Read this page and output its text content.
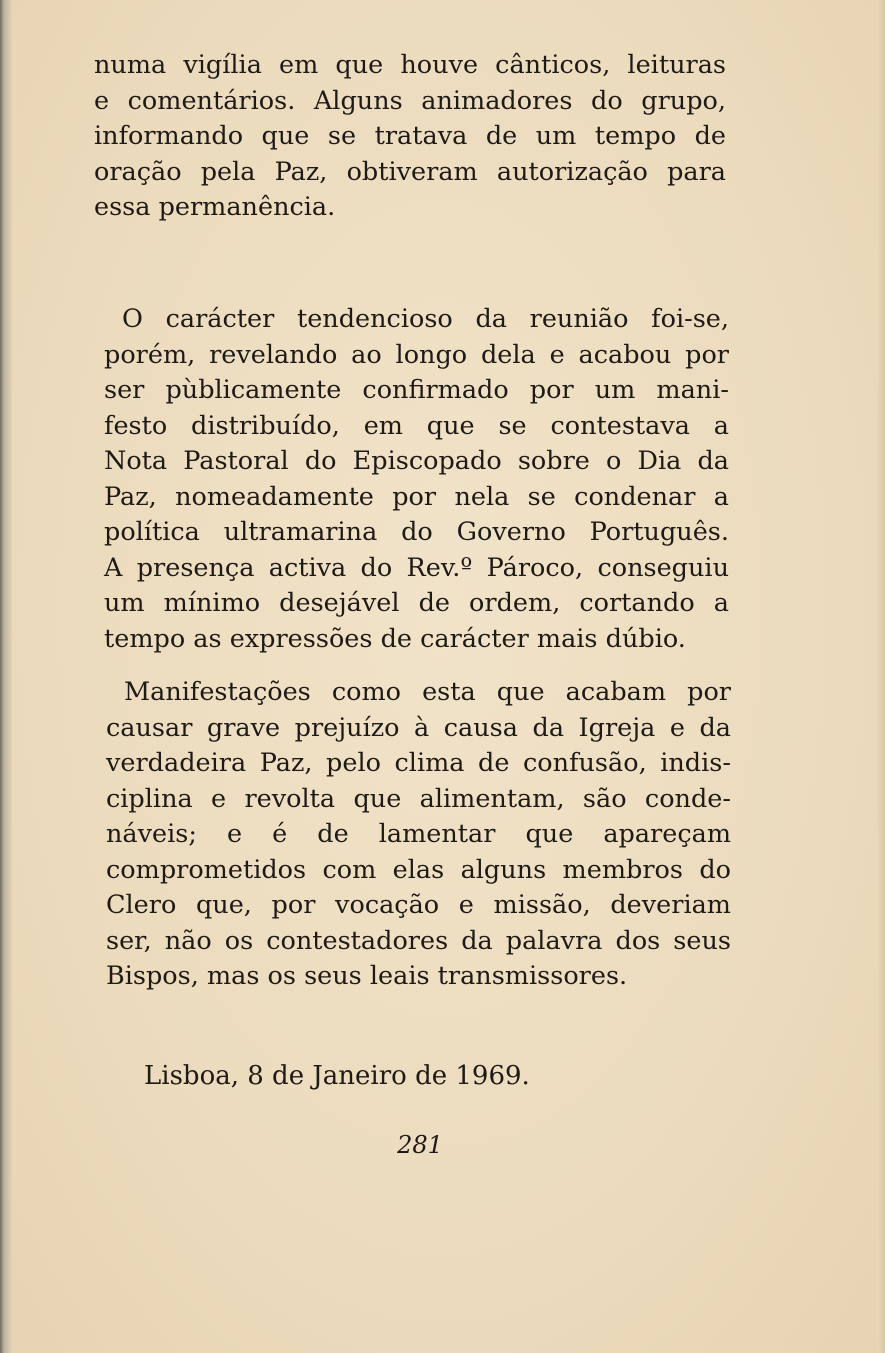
numa vigília em que houve cânticos, leituras
e comentários. Alguns animadores do grupo,
informando que se tratava de um tempo de
oração pela Paz, obtiveram autorização para
essa permanência.
O carácter tendencioso da reunião foi-se,
porém, revelando ao longo dela e acabou por
ser pùblicamente confirmado por um mani-
festo distribuído, em que se contestava a
Nota Pastoral do Episcopado sobre o Dia da
Paz, nomeadamente por nela se condenar a
política ultramarina do Governo Português.
A presença activa do Rev.º Pároco, conseguiu
um mínimo desejável de ordem, cortando a
tempo as expressões de carácter mais dúbio.
Manifestações como esta que acabam por
causar grave prejuízo à causa da Igreja e da
verdadeira Paz, pelo clima de confusão, indis-
ciplina e revolta que alimentam, são conde-
náveis; e é de lamentar que apareçam
comprometidos com elas alguns membros do
Clero que, por vocação e missão, deveriam
ser, não os contestadores da palavra dos seus
Bispos, mas os seus leais transmissores.

Lisboa, 8 de Janeiro de 1969.

281
